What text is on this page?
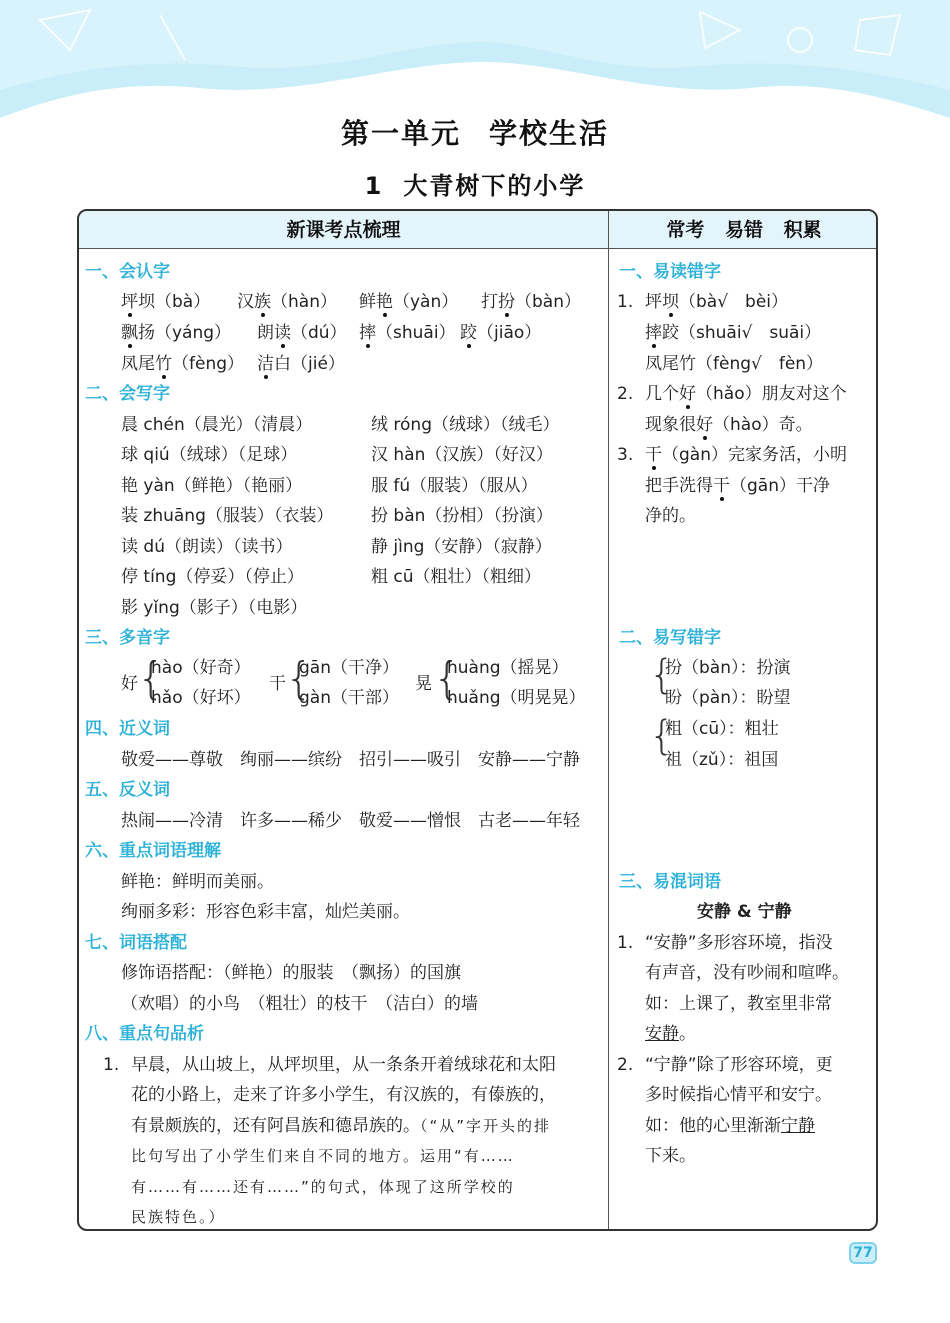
第一单元 学校生活
1 大青树下的小学
新课考点梳理	常考 易错 积累
一、会认字
坪坝（bà） 汉族（hàn） 鲜艳（yàn） 打扮（bàn）
飘扬（yáng） 朗读（dú） 摔（shuāi） 跤（jiāo）
凤尾竹（fèng） 洁白（jié）
二、会写字
晨 chén（晨光）（清晨）	绒 róng（绒球）（绒毛）
球 qiú（绒球）（足球）	汉 hàn（汉族）（好汉）
艳 yàn（鲜艳）（艳丽）	服 fú（服装）（服从）
装 zhuāng（服装）（衣装） 扮 bàn（扮相）（扮演）
读 dú（朗读）（读书）	静 jìng（安静）（寂静）
停 tíng（停妥）（停止）	粗 cū（粗壮）（粗细）
影 yǐng（影子）（电影）
三、多音字
好 {
hào（好奇）
hǎo（好坏）
干 {
gān（干净）
gàn（干部）
晃 {
huàng（摇晃）
huǎng（明晃晃）
四、近义词
敬爱——尊敬　绚丽——缤纷　招引——吸引　安静——宁静
五、反义词
热闹——冷清　许多——稀少　敬爱——憎恨　古老——年轻
六、重点词语理解
鲜艳：鲜明而美丽。
绚丽多彩：形容色彩丰富，灿烂美丽。
七、词语搭配
修饰语搭配：（鲜艳）的服装　（飘扬）的国旗
（欢唱）的小鸟　（粗壮）的枝干　（洁白）的墙
八、重点句品析
1. 早晨，从山坡上，从坪坝里，从一条条开着绒球花和太阳
花的小路上，走来了许多小学生，有汉族的，有傣族的，
有景颇族的，还有阿昌族和德昂族的。（“从”字开头的排
比句写出了小学生们来自不同的地方。运用“有……
有……有……还有……”的句式，体现了这所学校的
民族特色。）
一、易读错字
1. 坪坝（bà√　bèi）
摔跤（shuāi√　suāi）
凤尾竹（fèng√　fèn）
2. 几个好（hǎo）朋友对这个
现象很好（hào）奇。
3. 干（gàn）完家务活，小明
把手洗得干（gān）干净
净的。
二、易写错字
{
扮（bàn）：扮演
盼（pàn）：盼望
{
粗（cū）：粗壮
祖（zǔ）：祖国
三、易混词语
安静 & 宁静
1. “安静”多形容环境，指没
有声音，没有吵闹和喧哗。
如：上课了，教室里非常
安静。
2. “宁静”除了形容环境，更
多时候指心情平和安宁。
如：他的心里渐渐宁静
下来。
77
